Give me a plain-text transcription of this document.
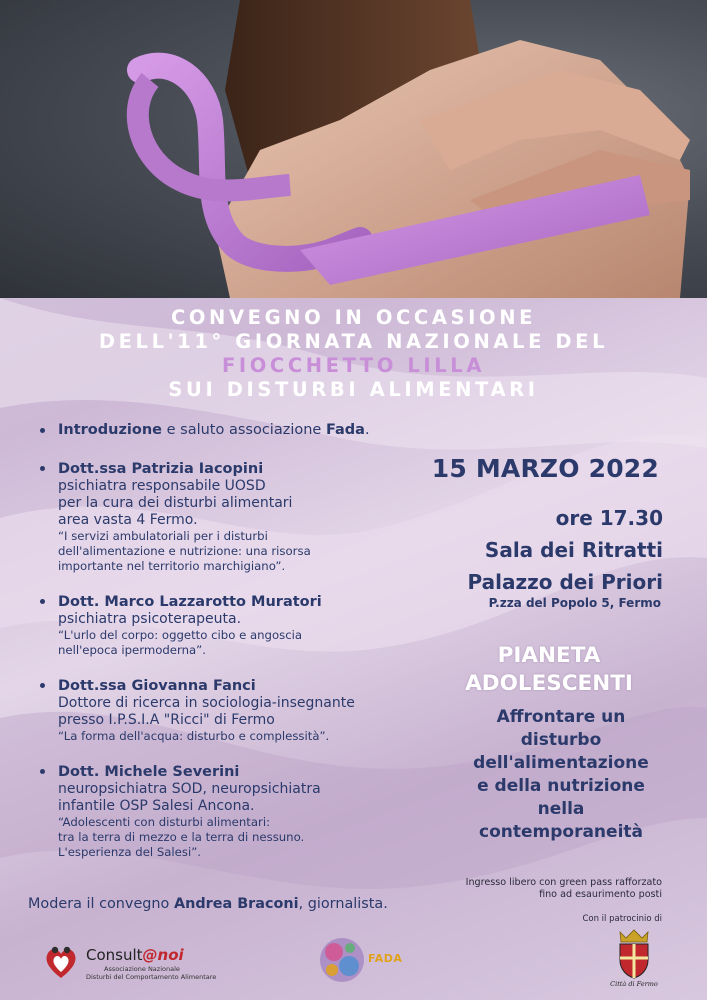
CONVEGNO IN OCCASIONE
DELL'11° GIORNATA NAZIONALE DEL
FIOCCHETTO LILLA
SUI DISTURBI ALIMENTARI
Introduzione e saluto associazione Fada.
Dott.ssa Patrizia Iacopini
psichiatra responsabile UOSD
per la cura dei disturbi alimentari
area vasta 4 Fermo.
“I servizi ambulatoriali per i disturbi
dell'alimentazione e nutrizione: una risorsa
importante nel territorio marchigiano”.
Dott. Marco Lazzarotto Muratori
psichiatra psicoterapeuta.
“L'urlo del corpo: oggetto cibo e angoscia
nell'epoca ipermoderna”.
Dott.ssa Giovanna Fanci
Dottore di ricerca in sociologia-insegnante
presso I.P.S.I.A "Ricci" di Fermo
“La forma dell'acqua: disturbo e complessità”.
Dott. Michele Severini
neuropsichiatra SOD, neuropsichiatra
infantile OSP Salesi Ancona.
“Adolescenti con disturbi alimentari:
tra la terra di mezzo e la terra di nessuno.
L'esperienza del Salesi”.
Modera il convegno Andrea Braconi, giornalista.
15 MARZO 2022
ore 17.30
Sala dei Ritratti
Palazzo dei Priori
P.zza del Popolo 5, Fermo
PIANETA
ADOLESCENTI
Affrontare un
disturbo
dell'alimentazione
e della nutrizione
nella
contemporaneità
Ingresso libero con green pass rafforzato
fino ad esaurimento posti
Con il patrocinio di
Consult@noi
Associazione Nazionale
Disturbi del Comportamento Alimentare
FADA
Città di Fermo
